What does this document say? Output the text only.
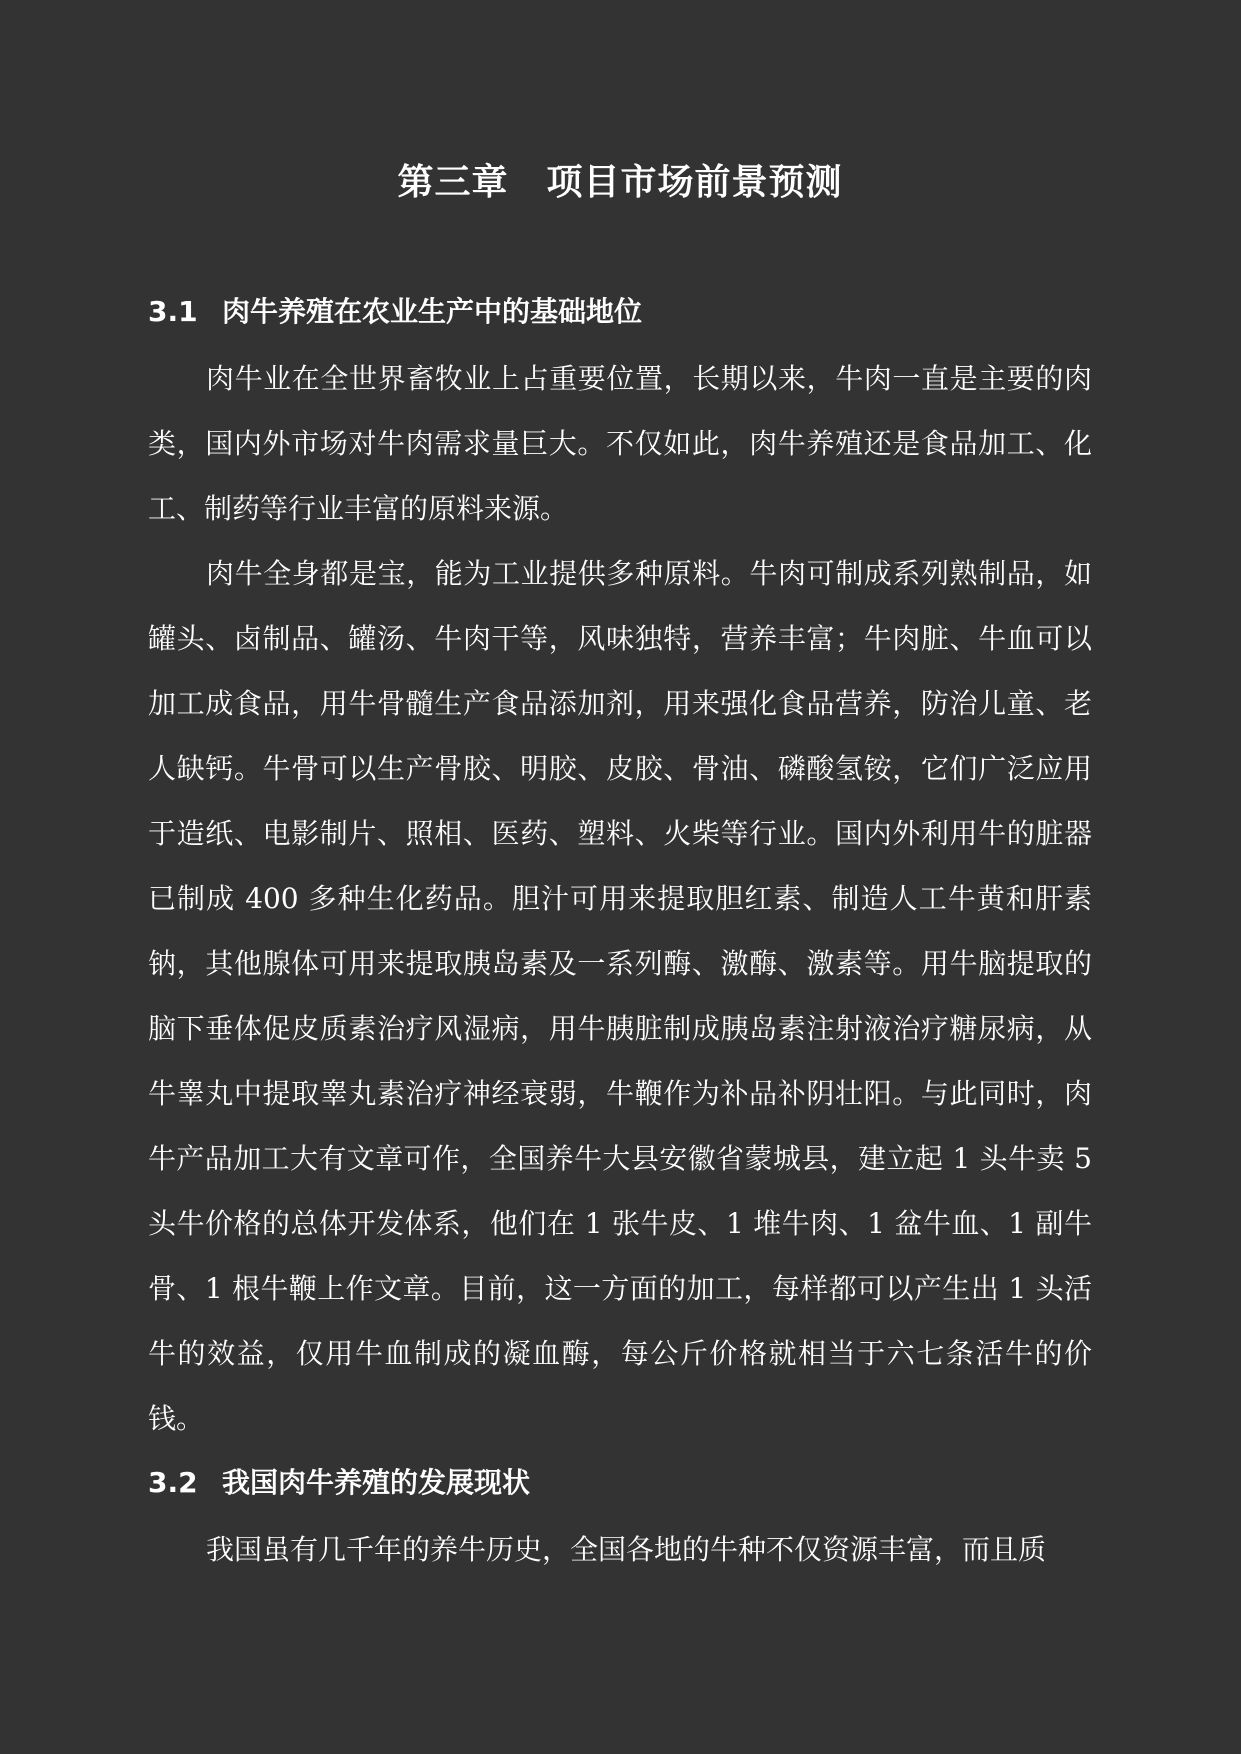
第三章 项目市场前景预测
3.1 肉牛养殖在农业生产中的基础地位

肉牛业在全世界畜牧业上占重要位置，长期以来，牛肉一直是主要的肉类，国内外市场对牛肉需求量巨大。不仅如此，肉牛养殖还是食品加工、化工、制药等行业丰富的原料来源。

肉牛全身都是宝，能为工业提供多种原料。牛肉可制成系列熟制品，如罐头、卤制品、罐汤、牛肉干等，风味独特，营养丰富；牛肉脏、牛血可以加工成食品，用牛骨髓生产食品添加剂，用来强化食品营养，防治儿童、老人缺钙。牛骨可以生产骨胶、明胶、皮胶、骨油、磷酸氢铵，它们广泛应用于造纸、电影制片、照相、医药、塑料、火柴等行业。国内外利用牛的脏器已制成 400 多种生化药品。胆汁可用来提取胆红素、制造人工牛黄和肝素钠，其他腺体可用来提取胰岛素及一系列酶、激酶、激素等。用牛脑提取的脑下垂体促皮质素治疗风湿病，用牛胰脏制成胰岛素注射液治疗糖尿病，从牛睾丸中提取睾丸素治疗神经衰弱，牛鞭作为补品补阴壮阳。与此同时，肉牛产品加工大有文章可作，全国养牛大县安徽省蒙城县，建立起 1 头牛卖 5 头牛价格的总体开发体系，他们在 1 张牛皮、1 堆牛肉、1 盆牛血、1 副牛骨、1 根牛鞭上作文章。目前，这一方面的加工，每样都可以产生出 1 头活牛的效益，仅用牛血制成的凝血酶，每公斤价格就相当于六七条活牛的价钱。

3.2 我国肉牛养殖的发展现状

我国虽有几千年的养牛历史，全国各地的牛种不仅资源丰富，而且质
